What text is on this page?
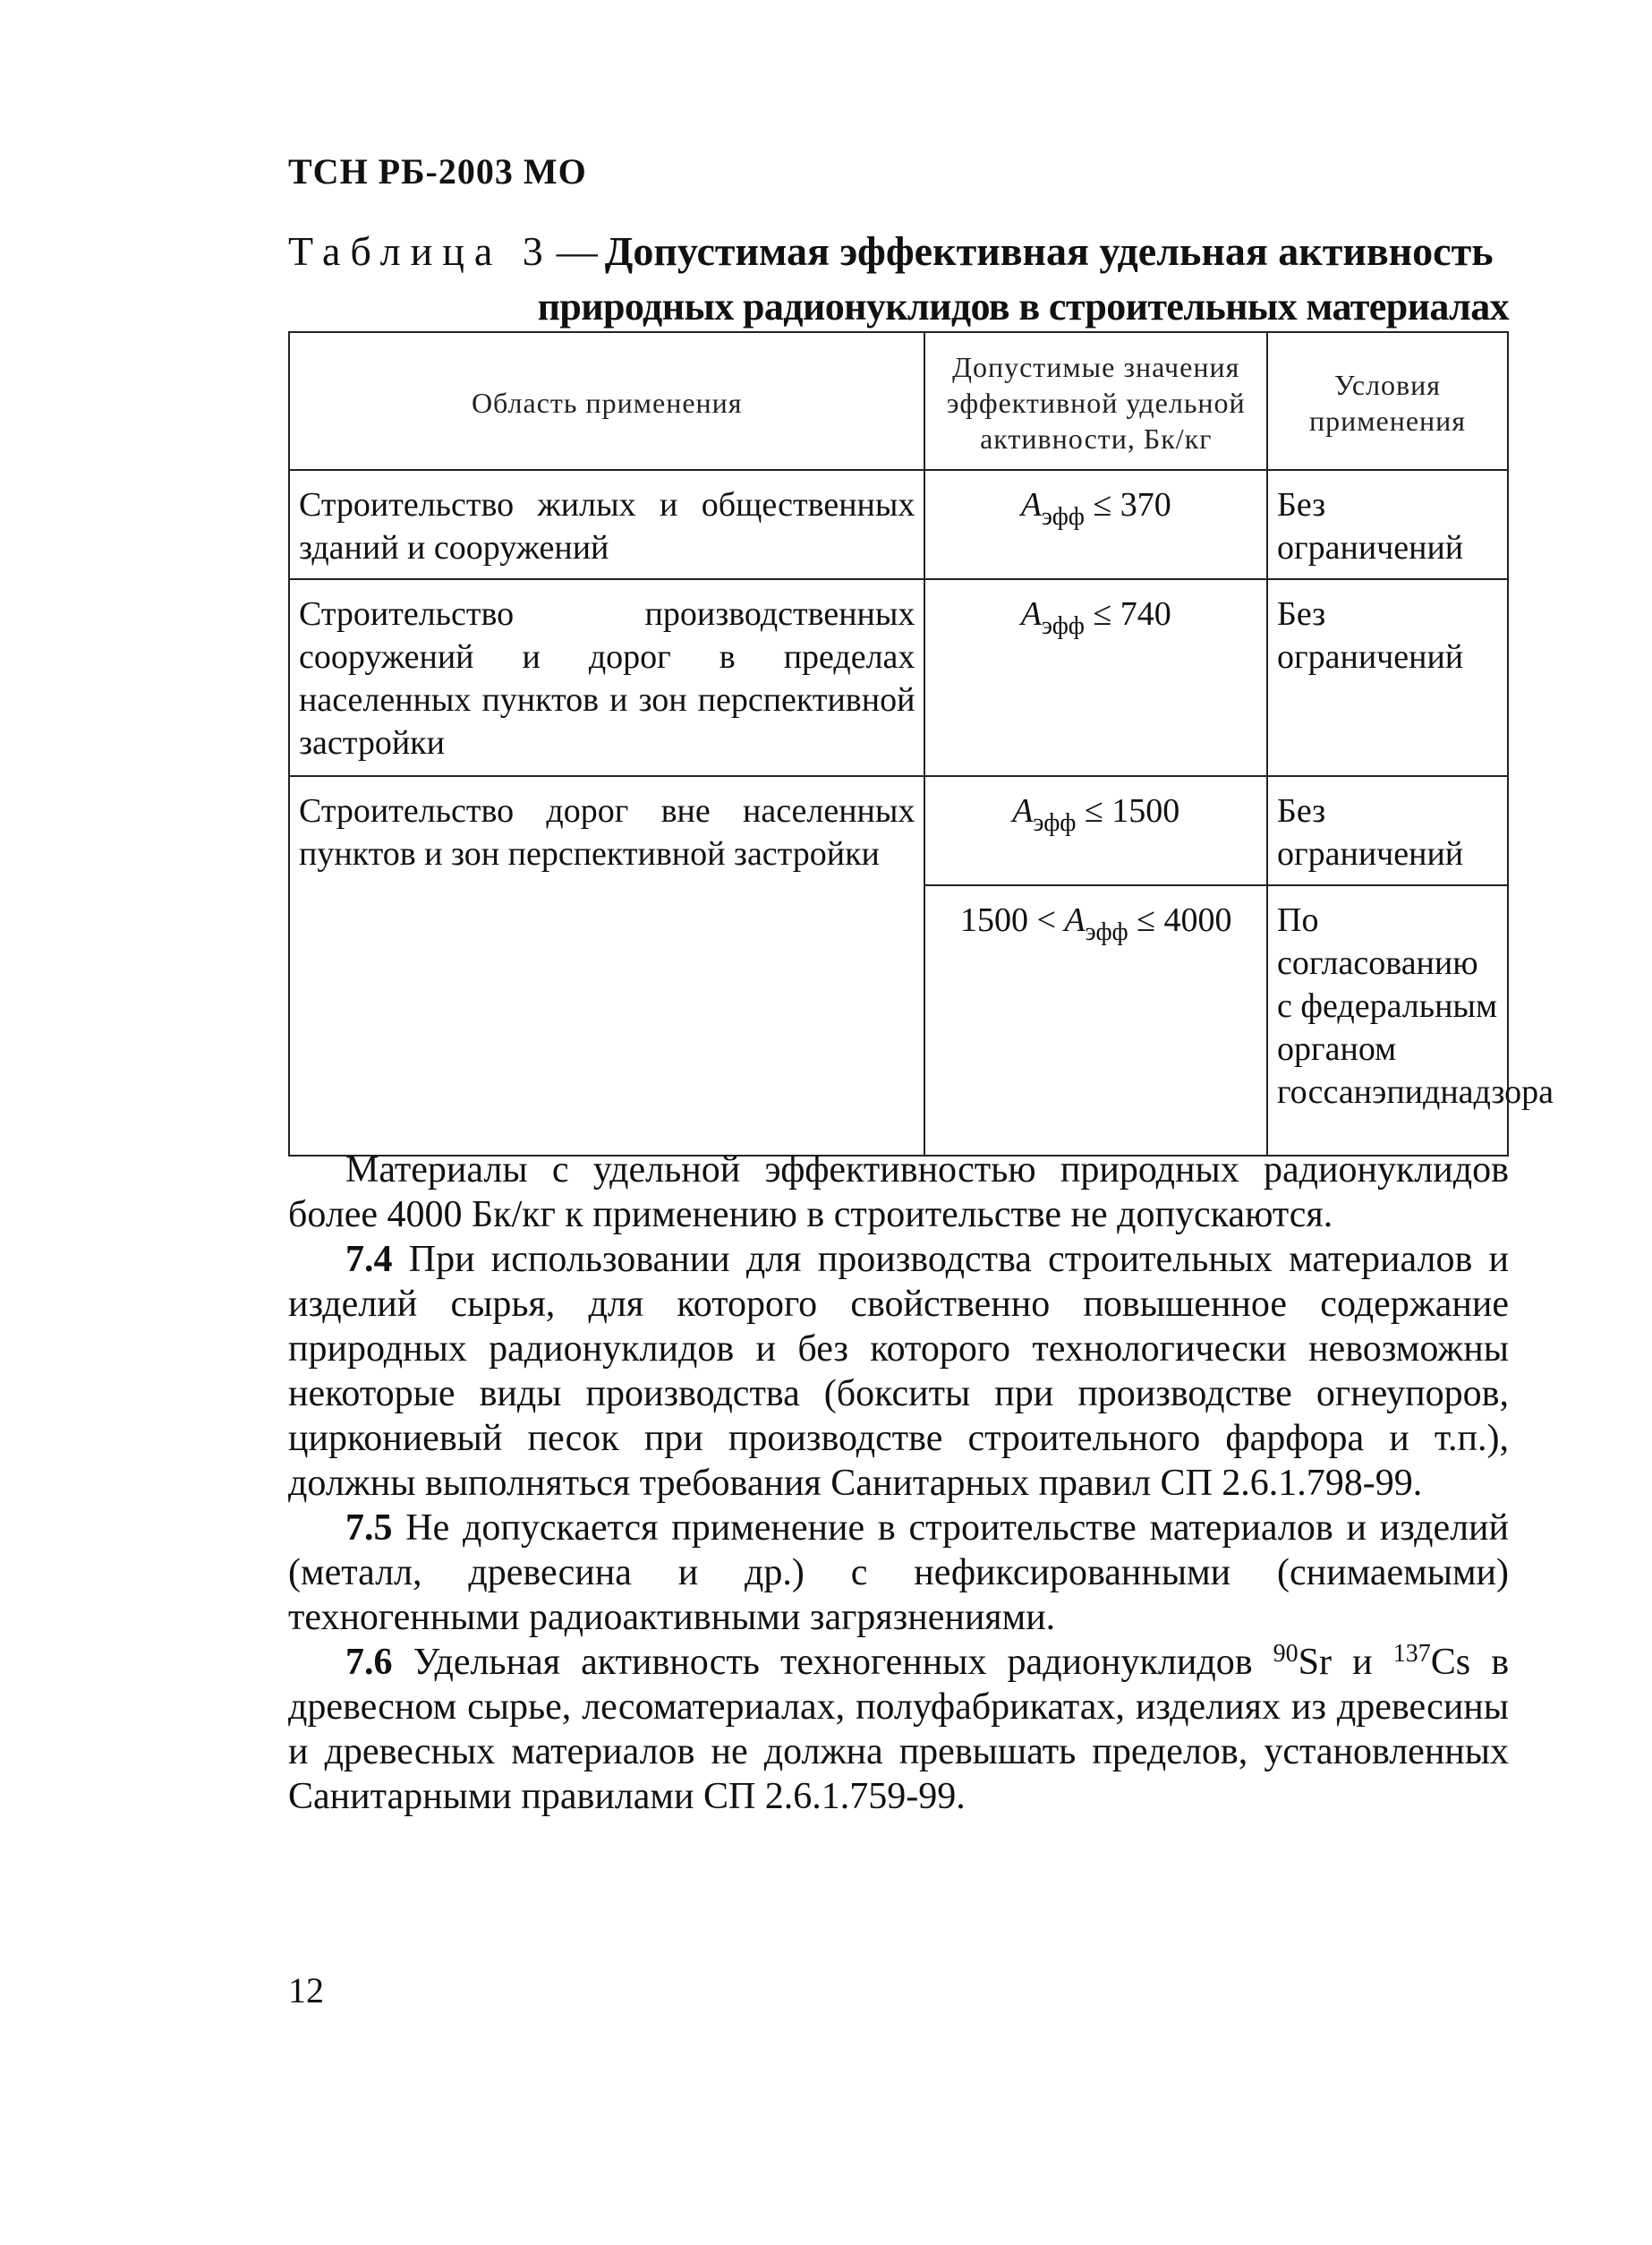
ТСН РБ-2003 МО
Таблица 3— Допустимая эффективная удельная активность
природных радионуклидов в строительных материалах
Область применения	Допустимые значения эффективной удельной активности, Бк/кг	Условия применения
Строительство жилых и общественных зданий и сооружений	$А_{эфф} \le 370$	Без ограничений
Строительство производственных сооружений и дорог в пределах населенных пунктов и зон перспективной застройки	$А_{эфф} \le 740$	Без ограничений
Строительство дорог вне населенных пунктов и зон перспективной застройки	$А_{эфф} \le 1500$	Без ограничений
	$1500 < А_{эфф} \le 4000$	По согласованию с федеральным органом госсанэпиднадзора

Материалы с удельной эффективностью природных радионуклидов более 4000 Бк/кг к применению в строительстве не допускаются.

7.4 При использовании для производства строительных материалов и изделий сырья, для которого свойственно повышенное содержание природных радионуклидов и без которого технологически невозможны некоторые виды производства (бокситы при производстве огнеупоров, циркониевый песок при производстве строительного фарфора и т.п.), должны выполняться требования Санитарных правил СП 2.6.1.798-99.

7.5 Не допускается применение в строительстве материалов и изделий (металл, древесина и др.) с нефиксированными (снимаемыми) техногенными радиоактивными загрязнениями.

7.6 Удельная активность техногенных радионуклидов $^{90}$Sr и $^{137}$Cs в древесном сырье, лесоматериалах, полуфабрикатах, изделиях из древесины и древесных материалов не должна превышать пределов, установленных Санитарными правилами СП 2.6.1.759-99.

12
